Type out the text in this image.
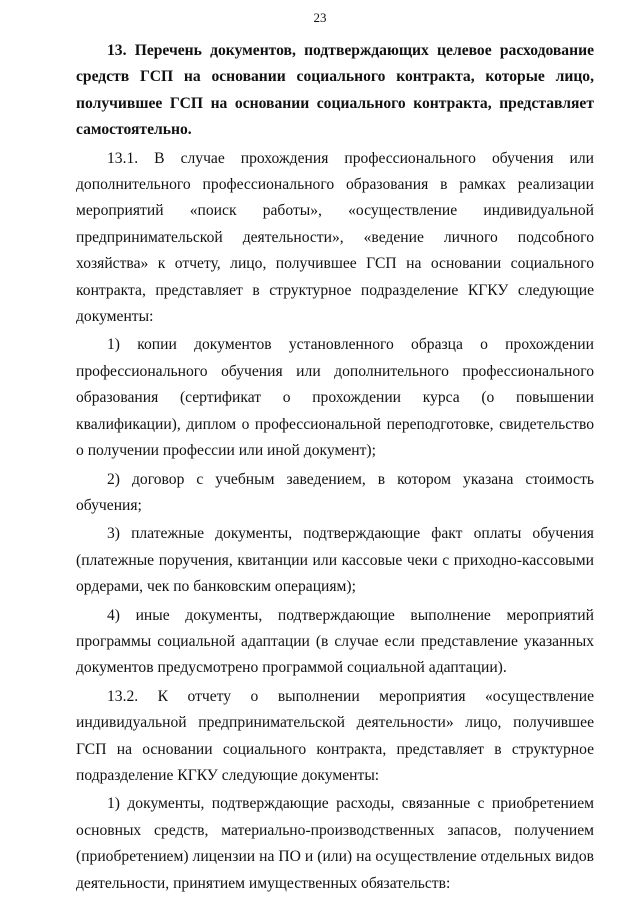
23

13. Перечень документов, подтверждающих целевое расходование средств ГСП на основании социального контракта, которые лицо, получившее ГСП на основании социального контракта, представляет самостоятельно.

13.1. В случае прохождения профессионального обучения или дополнительного профессионального образования в рамках реализации мероприятий «поиск работы», «осуществление индивидуальной предпринимательской деятельности», «ведение личного подсобного хозяйства» к отчету, лицо, получившее ГСП на основании социального контракта, представляет в структурное подразделение КГКУ следующие документы:

1) копии документов установленного образца о прохождении профессионального обучения или дополнительного профессионального образования (сертификат о прохождении курса (о повышении квалификации), диплом о профессиональной переподготовке, свидетельство о получении профессии или иной документ);

2) договор с учебным заведением, в котором указана стоимость обучения;

3) платежные документы, подтверждающие факт оплаты обучения (платежные поручения, квитанции или кассовые чеки с приходно-кассовыми ордерами, чек по банковским операциям);

4) иные документы, подтверждающие выполнение мероприятий программы социальной адаптации (в случае если представление указанных документов предусмотрено программой социальной адаптации).

13.2. К отчету о выполнении мероприятия «осуществление индивидуальной предпринимательской деятельности» лицо, получившее ГСП на основании социального контракта, представляет в структурное подразделение КГКУ следующие документы:

1) документы, подтверждающие расходы, связанные с приобретением основных средств, материально-производственных запасов, получением (приобретением) лицензии на ПО и (или) на осуществление отдельных видов деятельности, принятием имущественных обязательств:
